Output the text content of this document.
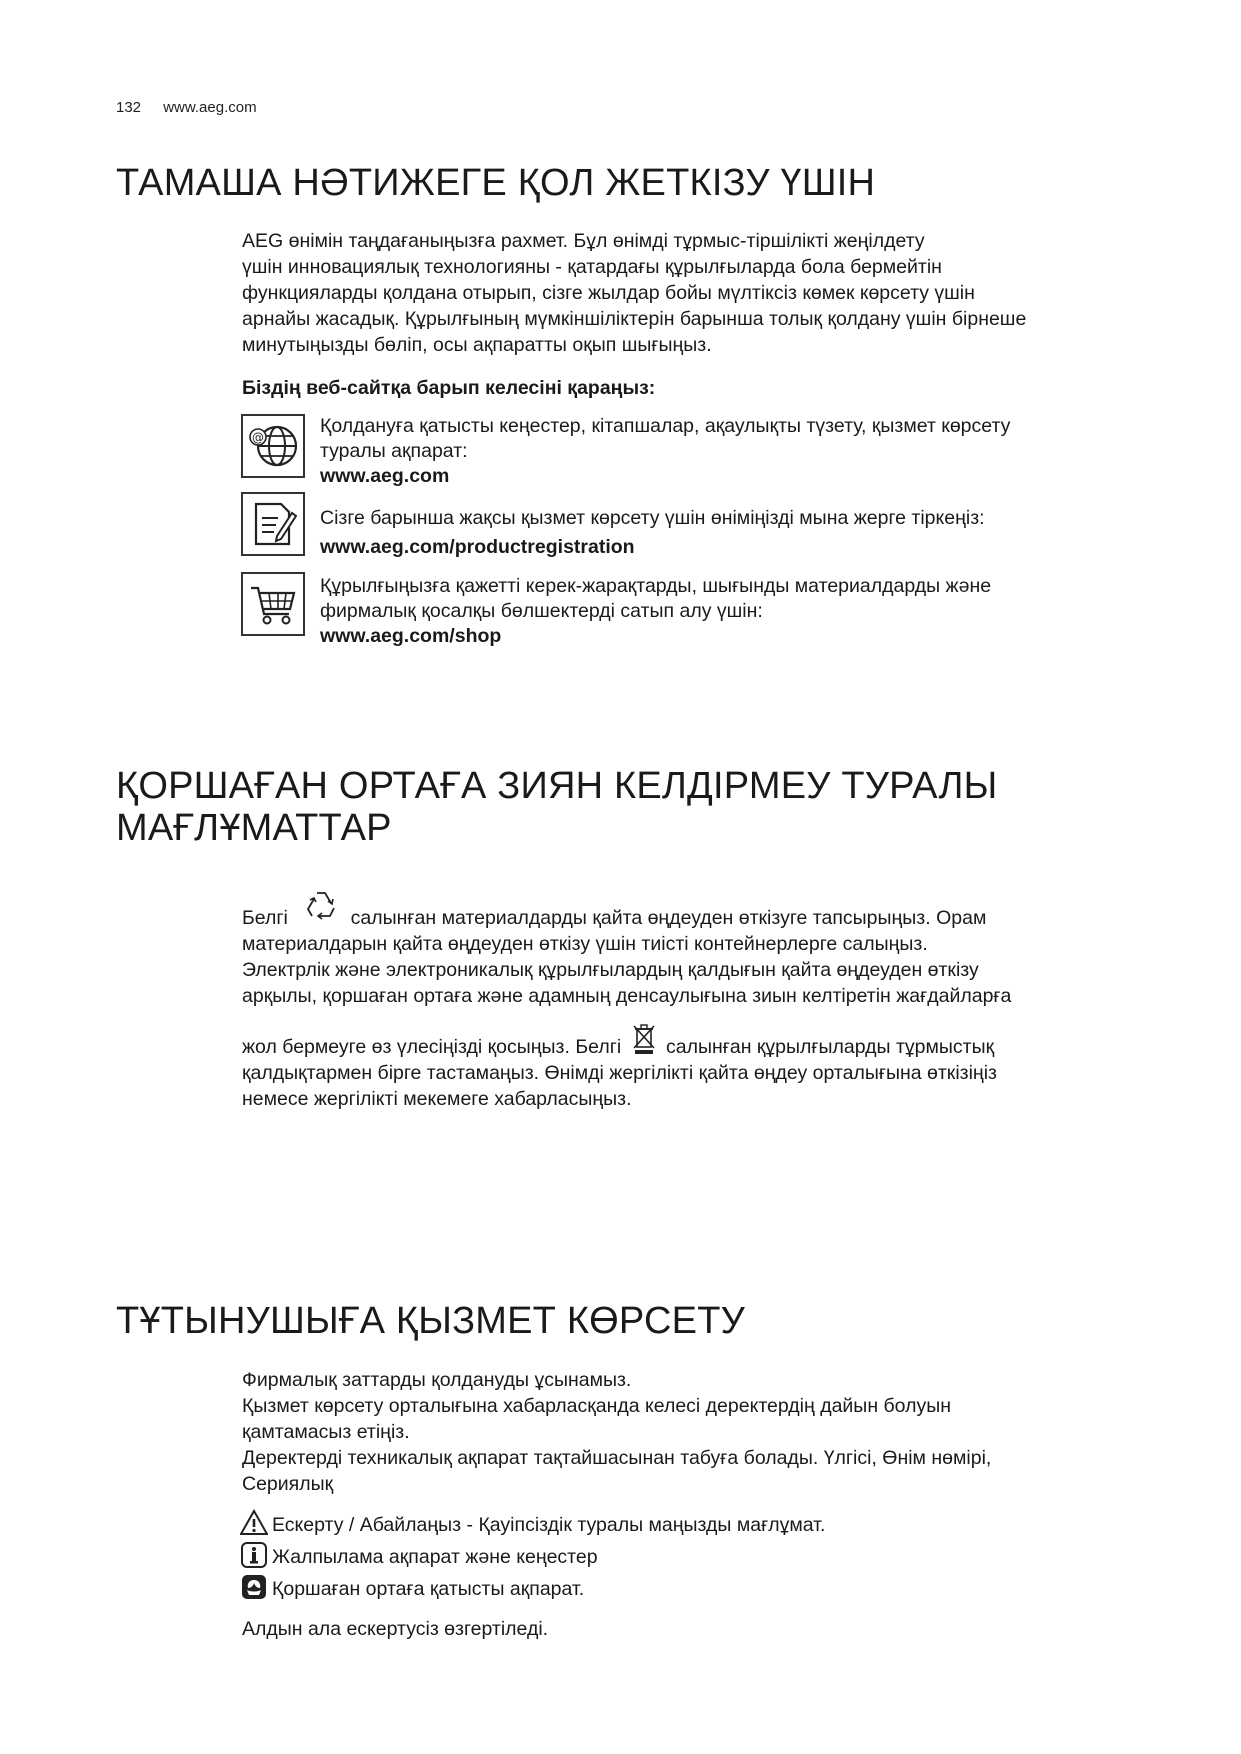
132 www.aeg.com
ТАМАША НӘТИЖЕГЕ ҚОЛ ЖЕТКІЗУ ҮШІН

AEG өнімін таңдағаныңызға рахмет. Бұл өнімді тұрмыс-тіршілікті жеңілдету

үшін инновациялық технологияны - қатардағы құрылғыларда бола бермейтін

функцияларды қолдана отырып, сізге жылдар бойы мүлтіксіз көмек көрсету үшін

арнайы жасадық. Құрылғының мүмкіншіліктерін барынша толық қолдану үшін бірнеше

минутыңызды бөліп, осы ақпаратты оқып шығыңыз.

Біздің веб-сайтқа барып келесіні қараңыз:
@
Қолдануға қатысты кеңестер, кітапшалар, ақаулықты түзету, қызмет көрсету
туралы ақпарат:
www.aeg.com
Сізге барынша жақсы қызмет көрсету үшін өніміңізді мына жерге тіркеңіз:
www.aeg.com/productregistration
Құрылғыңызға қажетті керек-жарақтарды, шығынды материалдарды және
фирмалық қосалқы бөлшектерді сатып алу үшін:
www.aeg.com/shop
ҚОРШАҒАН ОРТАҒА ЗИЯН КЕЛДІРМЕУ ТУРАЛЫ
МАҒЛҰМАТТАР

Белгі	салынған материалдарды қайта өңдеуден өткізуге тапсырыңыз. Орам

материалдарын қайта өңдеуден өткізу үшін тиісті контейнерлерге салыңыз.

Электрлік және электроникалық құрылғылардың қалдығын қайта өңдеуден өткізу

арқылы, қоршаған ортаға және адамның денсаулығына зиын келтіретін жағдайларға

жол бермеуге өз үлесіңізді қосыңыз. Белгі салынған құрылғыларды тұрмыстық

қалдықтармен бірге тастамаңыз. Өнімді жергілікті қайта өңдеу орталығына өткізіңіз

немесе жергілікті мекемеге хабарласыңыз.

ТҰТЫНУШЫҒА ҚЫЗМЕТ КӨРСЕТУ

Фирмалық заттарды қолдануды ұсынамыз.

Қызмет көрсету орталығына хабарласқанда келесі деректердің дайын болуын

қамтамасыз етіңіз.

Деректерді техникалық ақпарат тақтайшасынан табуға болады. Үлгісі, Өнім нөмірі,

Сериялық

Ескерту / Абайлаңыз - Қауіпсіздік туралы маңызды мағлұмат.
Жалпылама ақпарат және кеңестер
Қоршаған ортаға қатысты ақпарат.
Алдын ала ескертусіз өзгертіледі.
